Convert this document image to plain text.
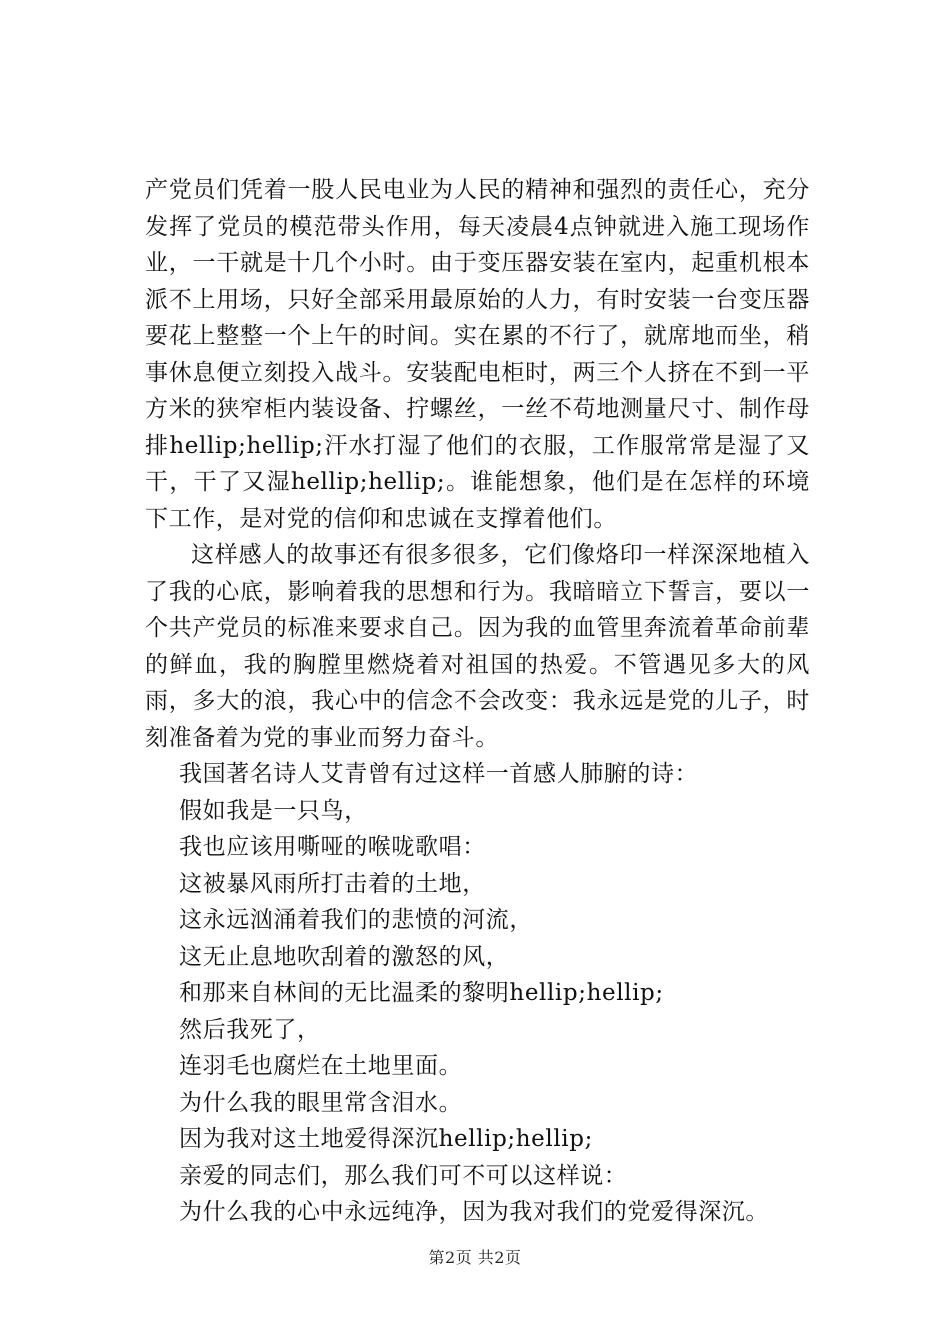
产党员们凭着一股人民电业为人民的精神和强烈的责任心，充分发挥了党员的模范带头作用，每天凌晨4点钟就进入施工现场作业，一干就是十几个小时。由于变压器安装在室内，起重机根本派不上用场，只好全部采用最原始的人力，有时安装一台变压器要花上整整一个上午的时间。实在累的不行了，就席地而坐，稍事休息便立刻投入战斗。安装配电柜时，两三个人挤在不到一平方米的狭窄柜内装设备、拧螺丝，一丝不苟地测量尺寸、制作母排hellip;hellip;汗水打湿了他们的衣服，工作服常常是湿了又干，干了又湿hellip;hellip;。谁能想象，他们是在怎样的环境下工作，是对党的信仰和忠诚在支撑着他们。

这样感人的故事还有很多很多，它们像烙印一样深深地植入了我的心底，影响着我的思想和行为。我暗暗立下誓言，要以一个共产党员的标准来要求自己。因为我的血管里奔流着革命前辈的鲜血，我的胸膛里燃烧着对祖国的热爱。不管遇见多大的风雨，多大的浪，我心中的信念不会改变：我永远是党的儿子，时刻准备着为党的事业而努力奋斗。

我国著名诗人艾青曾有过这样一首感人肺腑的诗：

假如我是一只鸟，

我也应该用嘶哑的喉咙歌唱：

这被暴风雨所打击着的土地，

这永远汹涌着我们的悲愤的河流，

这无止息地吹刮着的激怒的风，

和那来自林间的无比温柔的黎明hellip;hellip;

然后我死了，

连羽毛也腐烂在土地里面。

为什么我的眼里常含泪水。

因为我对这土地爱得深沉hellip;hellip;

亲爱的同志们，那么我们可不可以这样说：

为什么我的心中永远纯净，因为我对我们的党爱得深沉。

第2页 共2页
